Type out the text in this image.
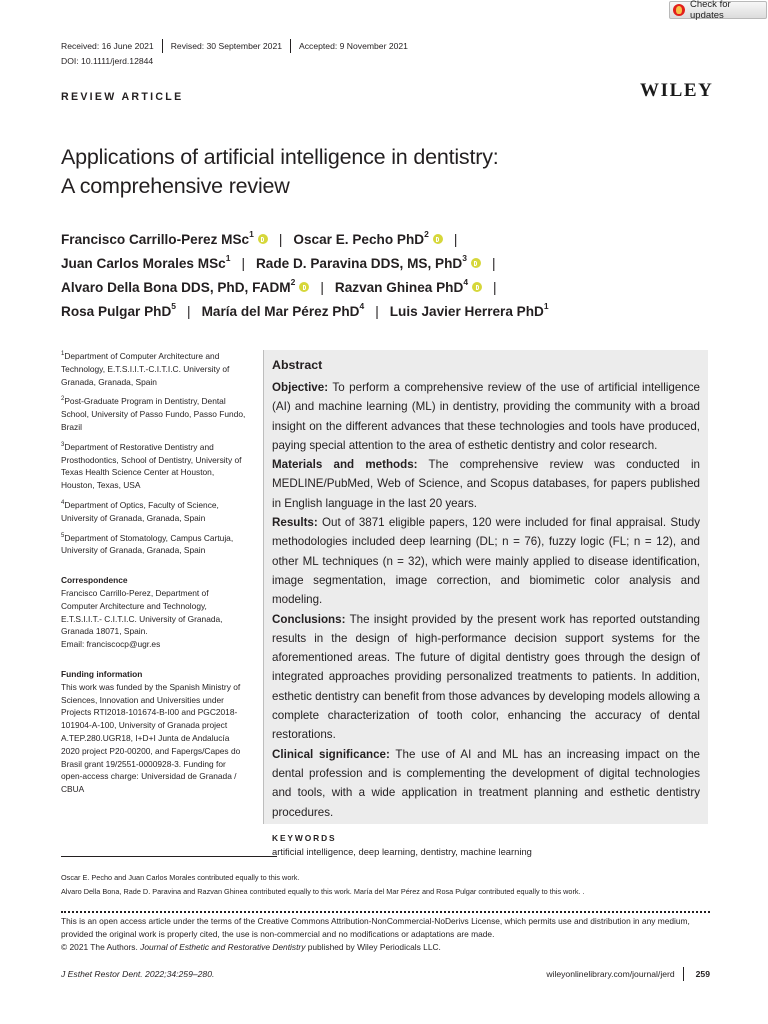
Check for updates
Received: 16 June 2021	Revised: 30 September 2021	Accepted: 9 November 2021
DOI: 10.1111/jerd.12844
REVIEW ARTICLE	WILEY
Applications of artificial intelligence in dentistry:
A comprehensive review
Francisco Carrillo-Perez MSc$^1$ | Oscar E. Pecho PhD$^2$ |
Juan Carlos Morales MSc$^1$ | Rade D. Paravina DDS, MS, PhD$^3$ |
Alvaro Della Bona DDS, PhD, FADM$^2$ | Razvan Ghinea PhD$^4$ |
Rosa Pulgar PhD$^5$ | María del Mar Pérez PhD$^4$ | Luis Javier Herrera PhD$^1$

$^1$Department of Computer Architecture and Technology, E.T.S.I.I.T.-C.I.T.I.C. University of Granada, Granada, Spain

$^2$Post-Graduate Program in Dentistry, Dental School, University of Passo Fundo, Passo Fundo, Brazil

$^3$Department of Restorative Dentistry and Prosthodontics, School of Dentistry, University of Texas Health Science Center at Houston, Houston, Texas, USA

$^4$Department of Optics, Faculty of Science, University of Granada, Granada, Spain

$^5$Department of Stomatology, Campus Cartuja, University of Granada, Granada, Spain

Correspondence
Francisco Carrillo-Perez, Department of Computer Architecture and Technology, E.T.S.I.I.T.- C.I.T.I.C. University of Granada, Granada 18071, Spain.
Email: franciscocp@ugr.es
Funding information
This work was funded by the Spanish Ministry of Sciences, Innovation and Universities under Projects RTI2018-101674-B-I00 and PGC2018-101904-A-100, University of Granada project A.TEP.280.UGR18, I+D+I Junta de Andalucía 2020 project P20-00200, and Fapergs/Capes do Brasil grant 19/2551-0000928-3. Funding for open-access charge: Universidad de Granada / CBUA
Abstract
Objective: To perform a comprehensive review of the use of artificial intelligence (AI) and machine learning (ML) in dentistry, providing the community with a broad insight on the different advances that these technologies and tools have produced, paying special attention to the area of esthetic dentistry and color research.
Materials and methods: The comprehensive review was conducted in MEDLINE/PubMed, Web of Science, and Scopus databases, for papers published in English language in the last 20 years.
Results: Out of 3871 eligible papers, 120 were included for final appraisal. Study methodologies included deep learning (DL; n = 76), fuzzy logic (FL; n = 12), and other ML techniques (n = 32), which were mainly applied to disease identification, image segmentation, image correction, and biomimetic color analysis and modeling.
Conclusions: The insight provided by the present work has reported outstanding results in the design of high-performance decision support systems for the aforementioned areas. The future of digital dentistry goes through the design of integrated approaches providing personalized treatments to patients. In addition, esthetic dentistry can benefit from those advances by developing models allowing a complete characterization of tooth color, enhancing the accuracy of dental restorations.
Clinical significance: The use of AI and ML has an increasing impact on the dental profession and is complementing the development of digital technologies and tools, with a wide application in treatment planning and esthetic dentistry procedures.
KEYWORDS
artificial intelligence, deep learning, dentistry, machine learning
Oscar E. Pecho and Juan Carlos Morales contributed equally to this work.
Alvaro Della Bona, Rade D. Paravina and Razvan Ghinea contributed equally to this work. María del Mar Pérez and Rosa Pulgar contributed equally to this work. .
This is an open access article under the terms of the Creative Commons Attribution-NonCommercial-NoDerivs License, which permits use and distribution in any medium, provided the original work is properly cited, the use is non-commercial and no modifications or adaptations are made.
© 2021 The Authors. Journal of Esthetic and Restorative Dentistry published by Wiley Periodicals LLC.
J Esthet Restor Dent. 2022;34:259–280.	wileyonlinelibrary.com/journal/jerd	259
